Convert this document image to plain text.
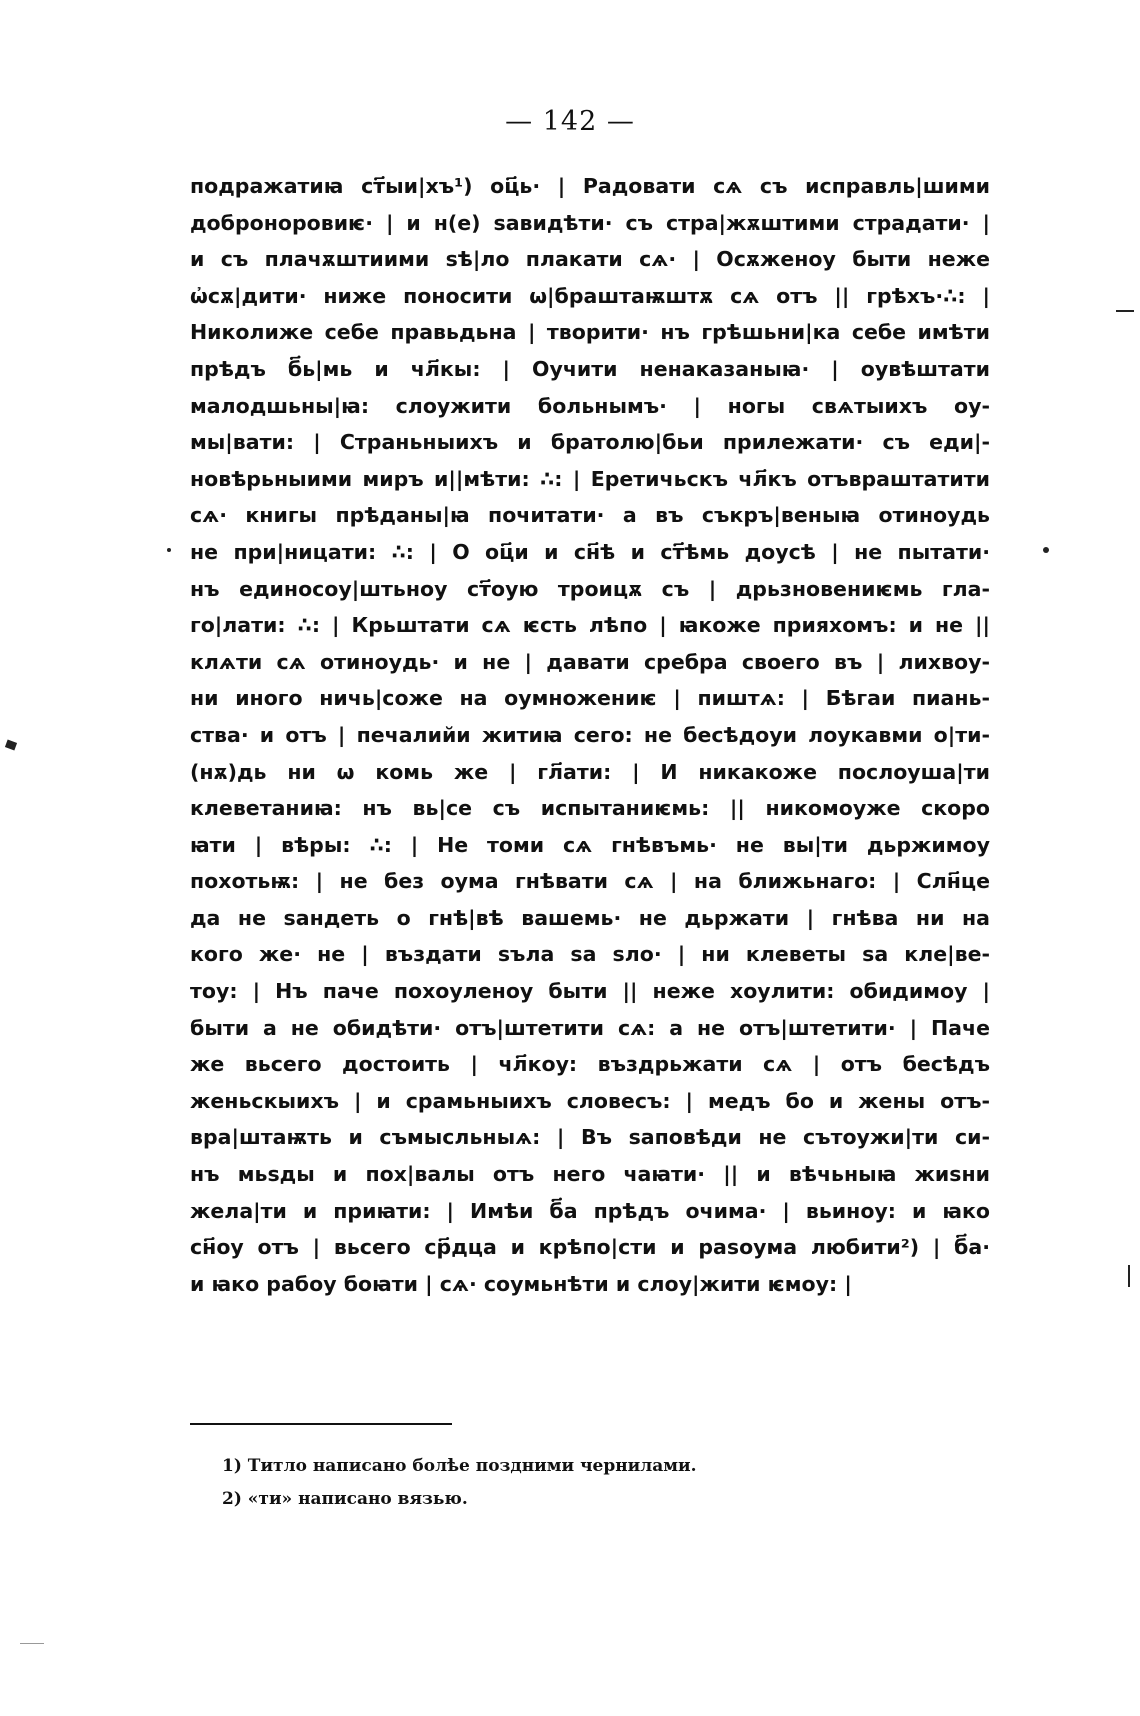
— 142 —
подражатиꙗ ст҃ыи|хъ¹) оц҃ь· | Радовати сѧ съ исправль|шими
доброноровиѥ· | и н(е) ѕавидѣти· съ стра|жѫштими страдати· |
и съ плачѫштиими ѕѣ|ло плакати сѧ· | Осѫженоу быти неже
ѡ҆сѫ|дити· ниже поносити ѡ|браштаѭштѫ сѧ отъ || грѣхъ·∴: |
Николиже себе правьдьна | творити· нъ грѣшьни|ка себе имѣти
прѣдъ б҃ь|мь и чл҃кы: | Оучити ненаказаныꙗ· | оувѣштати
малодшьны|ꙗ: слоужити больнымъ· | ногы свѧтыихъ оу-
мы|вати: | Страньныихъ и братолю|бьи прилежати· съ еди|-
новѣрьныими миръ и||мѣти: ∴: | Еретичьскъ чл҃къ отъвраштатити
сѧ· книгы прѣданы|ꙗ почитати· а въ съкръ|веныꙗ отиноудь
не при|ницати: ∴: | О оц҃и и сн҃ѣ и ст҃ѣмь доусѣ | не пытати·
нъ единосоу|штьноу ст҃оую троицѫ съ | дрьзновениѥмь гла-
го|лати: ∴: | Крьштати сѧ ѥсть лѣпо | ꙗкоже прияхомъ: и не ||
клѧти сѧ отиноудь· и не | давати сребра своего въ | лихвоу-
ни иного ничь|соже на оумножениѥ | пиштѧ: | Бѣгаи пиань-
ства· и отъ | печалийи житиꙗ сего: не бесѣдоуи лоукавми о|ти-
(нѫ)дь ни ѡ комь же | гл҃ати: | И никакоже послоуша|ти
клеветаниꙗ: нъ вь|се съ испытаниѥмь: || никомоуже скоро
ꙗти | вѣры: ∴: | Не томи сѧ гнѣвъмь· не вы|ти дьржимоу
похотьѭ: | не без оума гнѣвати сѧ | на ближьнаго: | Слн҃це
да не ѕандеть о гнѣ|вѣ вашемь· не дьржати | гнѣва ни на
кого же· не | въздати ѕъла ѕа ѕло· | ни клеветы ѕа кле|ве-
тоу: | Нъ паче похоуленоу быти || неже хоулити: обидимоу |
быти а не обидѣти· отъ|штетити сѧ: а не отъ|штетити· | Паче
же вьсего достоить | чл҃кoу: въздрьжати сѧ | отъ бесѣдъ
женьскыихъ | и срамьныихъ словесъ: | медъ бо и жены отъ-
вра|штаѭть и съмысльныѧ: | Въ ѕаповѣди не сътоужи|ти си-
нъ мьѕды и пох|валы отъ него чаꙗти· || и вѣчьныꙗ жиѕни
жела|ти и приꙗти: | Имѣи б҃а прѣдъ очима· | вьиноу: и ꙗко
сн҃оу отъ | вьсего ср҃дца и крѣпо|сти и раѕоума любити²) | б҃а·
и ꙗко рабоу боꙗти | сѧ· соумьнѣти и слоу|жити ѥмоу: |
1) Титло написано болѣе поздними чернилами.
2) «ти» написано вязью.
